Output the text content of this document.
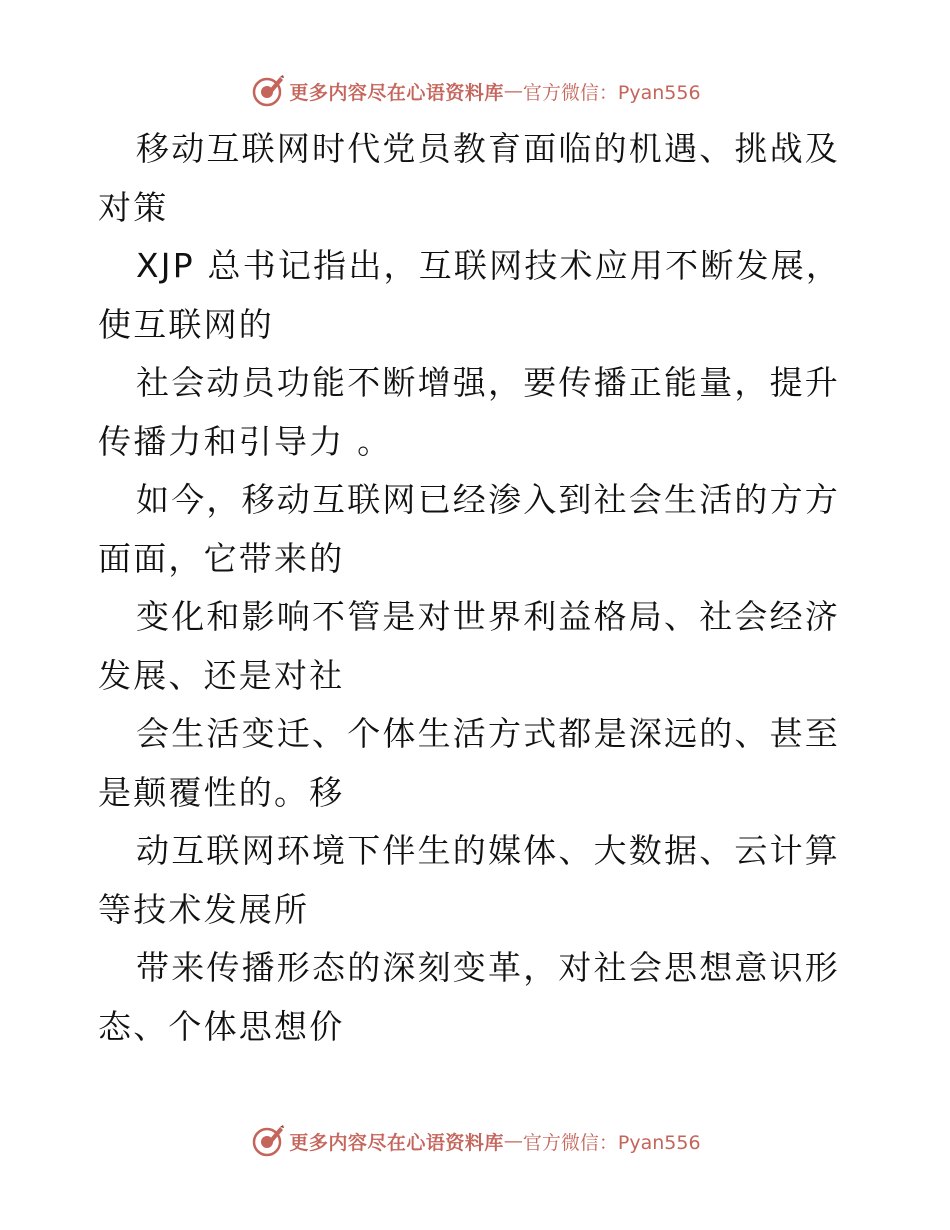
更多内容尽在心语资料库 — 官方微信：Pyan556

移动互联网时代党员教育面临的机遇、挑战及对策

XJP 总书记指出，互联网技术应用不断发展，使互联网的

社会动员功能不断增强，要传播正能量，提升传播力和引导力 。

如今，移动互联网已经渗入到社会生活的方方面面，它带来的

变化和影响不管是对世界利益格局、社会经济发展、还是对社

会生活变迁、个体生活方式都是深远的、甚至是颠覆性的。移

动互联网环境下伴生的媒体、大数据、云计算等技术发展所

带来传播形态的深刻变革，对社会思想意识形态、个体思想价

更多内容尽在心语资料库 — 官方微信：Pyan556
